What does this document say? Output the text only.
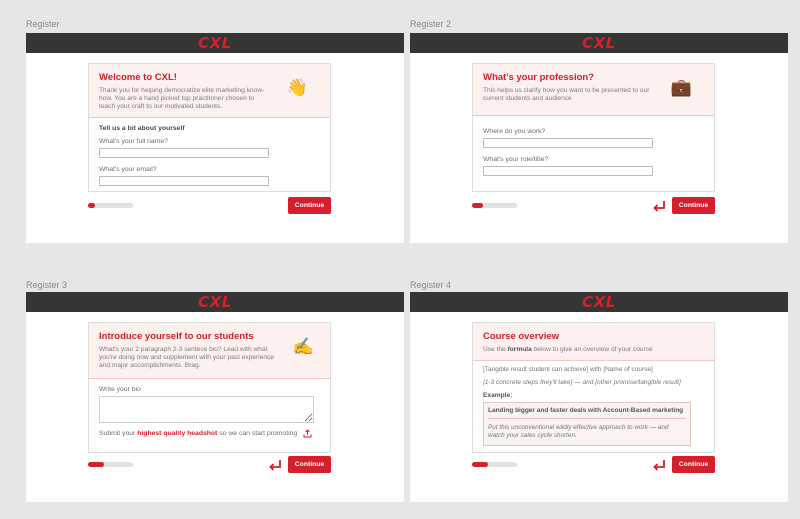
Register
CXL
Welcome to CXL!
Thank you for helping democratize elite marketing know-how. You are a hand picked top practitoner chosen to teach your craft to our motivated students.
👋
Tell us a bit about yourself
What's your full name?
What's your email?
Continue
Register 2
CXL
What's your profession?
This helps us clarify how you want to be presented to our current students and audience
💼
Where do you work?
What's your role/title?
Continue
Register 3
CXL
Introduce yourself to our students
What's your 2 paragraph 2-3 sentece bio? Lead with what you're doing now and supplement with your past experience and major accomplishments. Brag.
✍️
Write your bio
Submit your highest quality headshot so we can start promoting
Continue
Register 4
CXL
Course overview
Use the formula below to give an overview of your course
[Tangible result student can achieve] with [Name of course]
[1-3 concrete steps they'll take] — and [other promise/tangible result]
Example:
Landing bigger and faster deals with Account-Based marketing
Put this unconventional wildly effective approach to work — and watch your sales cycle shorten.
Continue
